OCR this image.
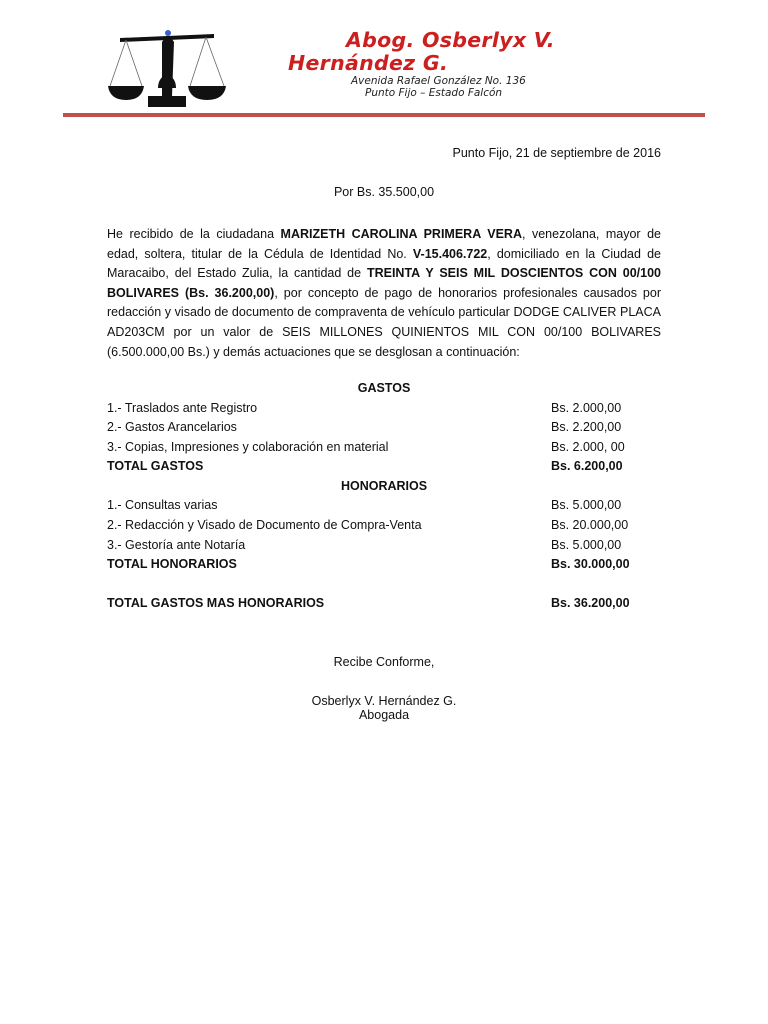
Abog. Osberlyx V.
Hernández G.
Avenida Rafael González No. 136
Punto Fijo – Estado Falcón
Punto Fijo, 21 de septiembre de 2016
Por Bs. 35.500,00
He recibido de la ciudadana MARIZETH CAROLINA PRIMERA VERA, venezolana, mayor de edad, soltera, titular de la Cédula de Identidad No. V-15.406.722, domiciliado en la Ciudad de Maracaibo, del Estado Zulia, la cantidad de TREINTA Y SEIS MIL DOSCIENTOS CON 00/100 BOLIVARES (Bs. 36.200,00), por concepto de pago de honorarios profesionales causados por redacción y visado de documento de compraventa de vehículo particular DODGE CALIVER PLACA AD203CM por un valor de SEIS MILLONES QUINIENTOS MIL CON 00/100 BOLIVARES (6.500.000,00 Bs.) y demás actuaciones que se desglosan a continuación:
GASTOS
1.- Traslados ante Registro	Bs. 2.000,00
2.- Gastos Arancelarios	Bs. 2.200,00
3.- Copias, Impresiones y colaboración en material	Bs. 2.000, 00
TOTAL GASTOS	Bs. 6.200,00
HONORARIOS
1.- Consultas varias	Bs. 5.000,00
2.- Redacción y Visado de Documento de Compra-Venta	Bs. 20.000,00
3.- Gestoría ante Notaría	Bs. 5.000,00
TOTAL HONORARIOS	Bs. 30.000,00
TOTAL GASTOS MAS HONORARIOS	Bs. 36.200,00
Recibe Conforme,
Osberlyx V. Hernández G.
Abogada
